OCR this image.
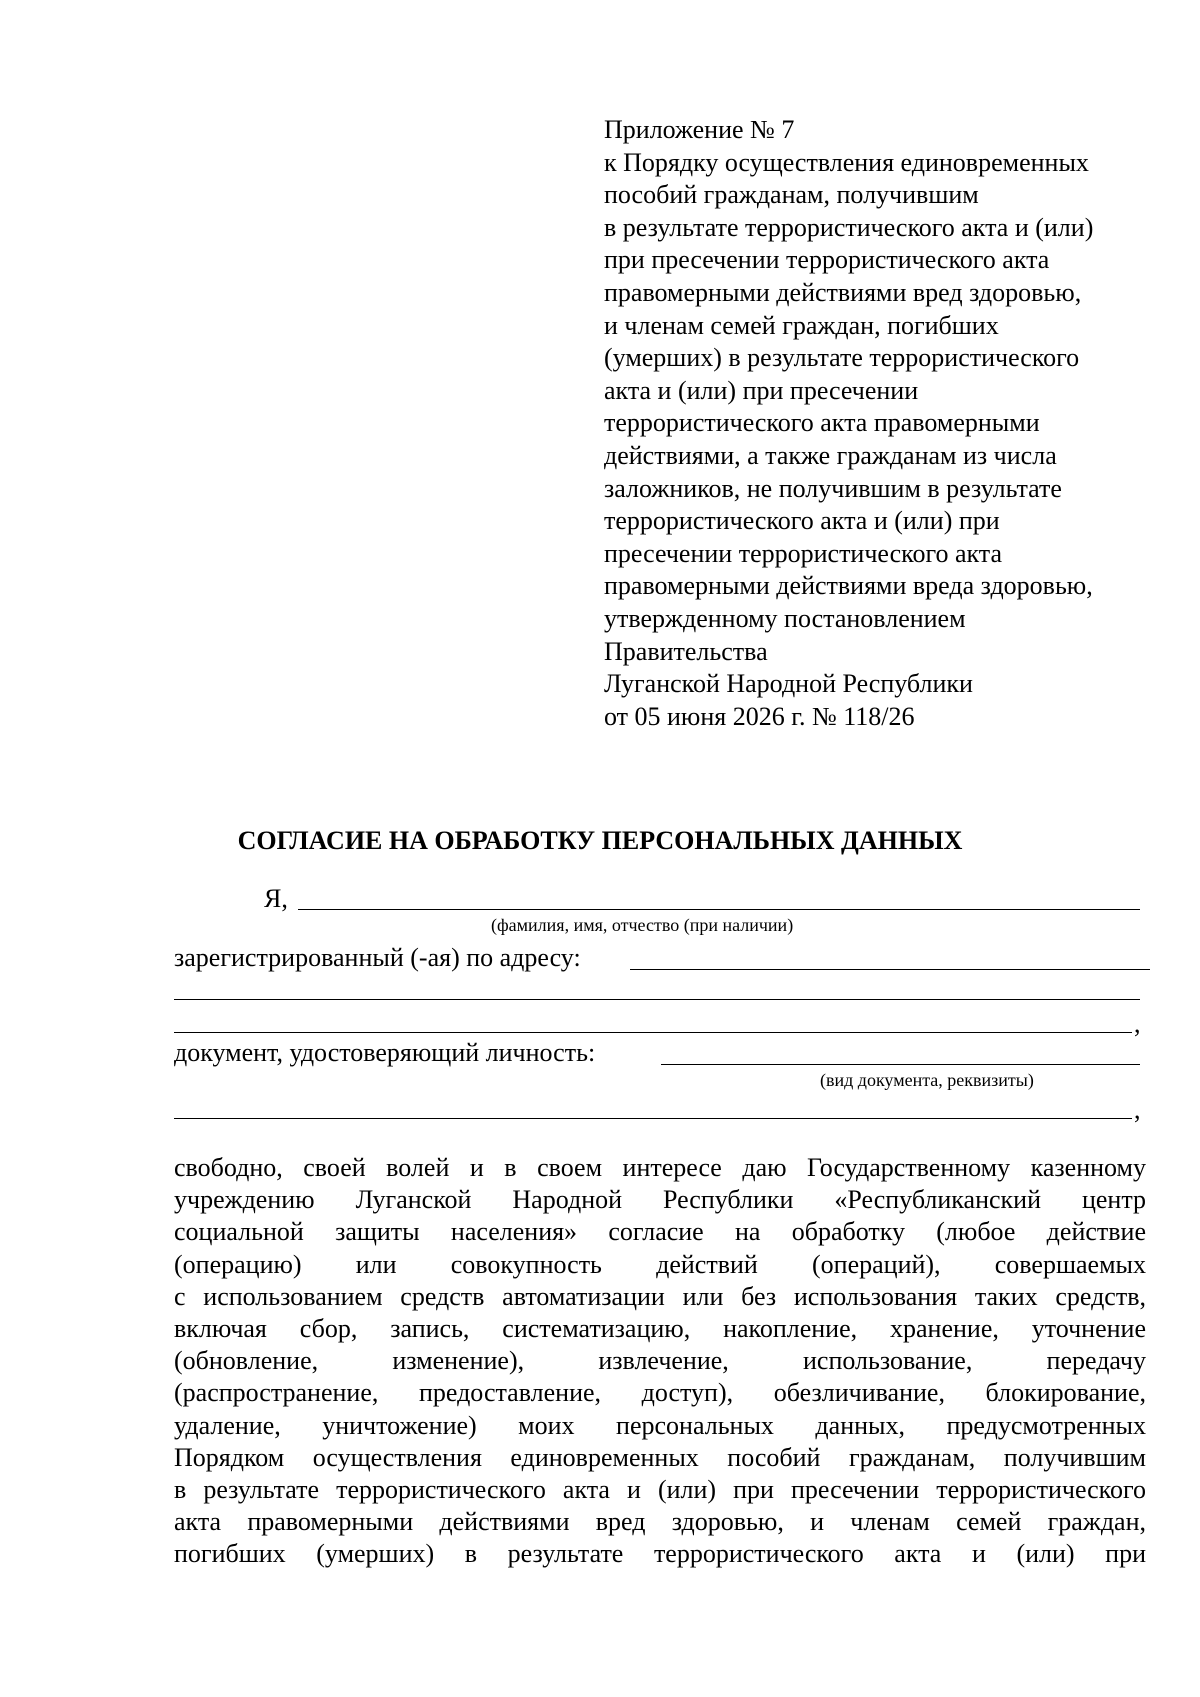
Приложение № 7
к Порядку осуществления единовременных
пособий гражданам, получившим
в результате террористического акта и (или)
при пресечении террористического акта
правомерными действиями вред здоровью,
и членам семей граждан, погибших
(умерших) в результате террористического
акта и (или) при пресечении
террористического акта правомерными
действиями, а также гражданам из числа
заложников, не получившим в результате
террористического акта и (или) при
пресечении террористического акта
правомерными действиями вреда здоровью,
утвержденному постановлением
Правительства
Луганской Народной Республики
от 05 июня 2026 г. № 118/26
СОГЛАСИЕ НА ОБРАБОТКУ ПЕРСОНАЛЬНЫХ ДАННЫХ
Я,
(фамилия, имя, отчество (при наличии)
зарегистрированный (-ая) по адресу:
,
документ, удостоверяющий личность:
(вид документа, реквизиты)
,
свободно, своей волей и в своем интересе даю Государственному казенному
учреждению Луганской Народной Республики «Республиканский центр
социальной защиты населения» согласие на обработку (любое действие
(операцию) или совокупность действий (операций), совершаемых
с использованием средств автоматизации или без использования таких средств,
включая сбор, запись, систематизацию, накопление, хранение, уточнение
(обновление, изменение), извлечение, использование, передачу
(распространение, предоставление, доступ), обезличивание, блокирование,
удаление, уничтожение) моих персональных данных, предусмотренных
Порядком осуществления единовременных пособий гражданам, получившим
в результате террористического акта и (или) при пресечении террористического
акта правомерными действиями вред здоровью, и членам семей граждан,
погибших (умерших) в результате террористического акта и (или) при
